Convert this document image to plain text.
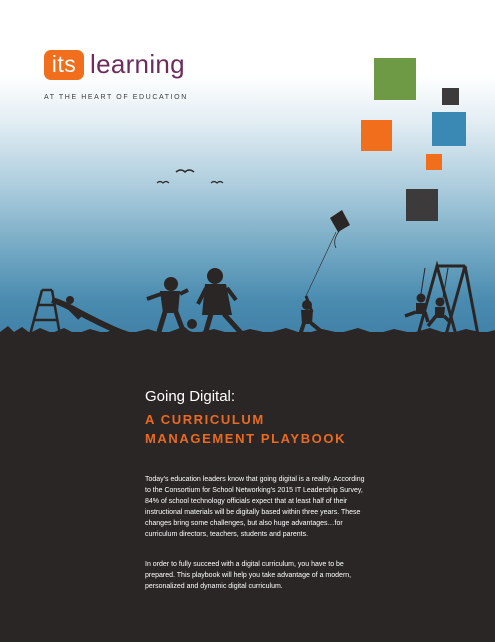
its learning
AT THE HEART OF EDUCATION
Going Digital:
A CURRICULUM
MANAGEMENT PLAYBOOK

Today's education leaders know that going digital is a reality. According to the Consortium for School Networking's 2015 IT Leadership Survey, 84% of school technology officials expect that at least half of their instructional materials will be digitally based within three years. These changes bring some challenges, but also huge advantages…for curriculum directors, teachers, students and parents.

In order to fully succeed with a digital curriculum, you have to be prepared. This playbook will help you take advantage of a modern, personalized and dynamic digital curriculum.
